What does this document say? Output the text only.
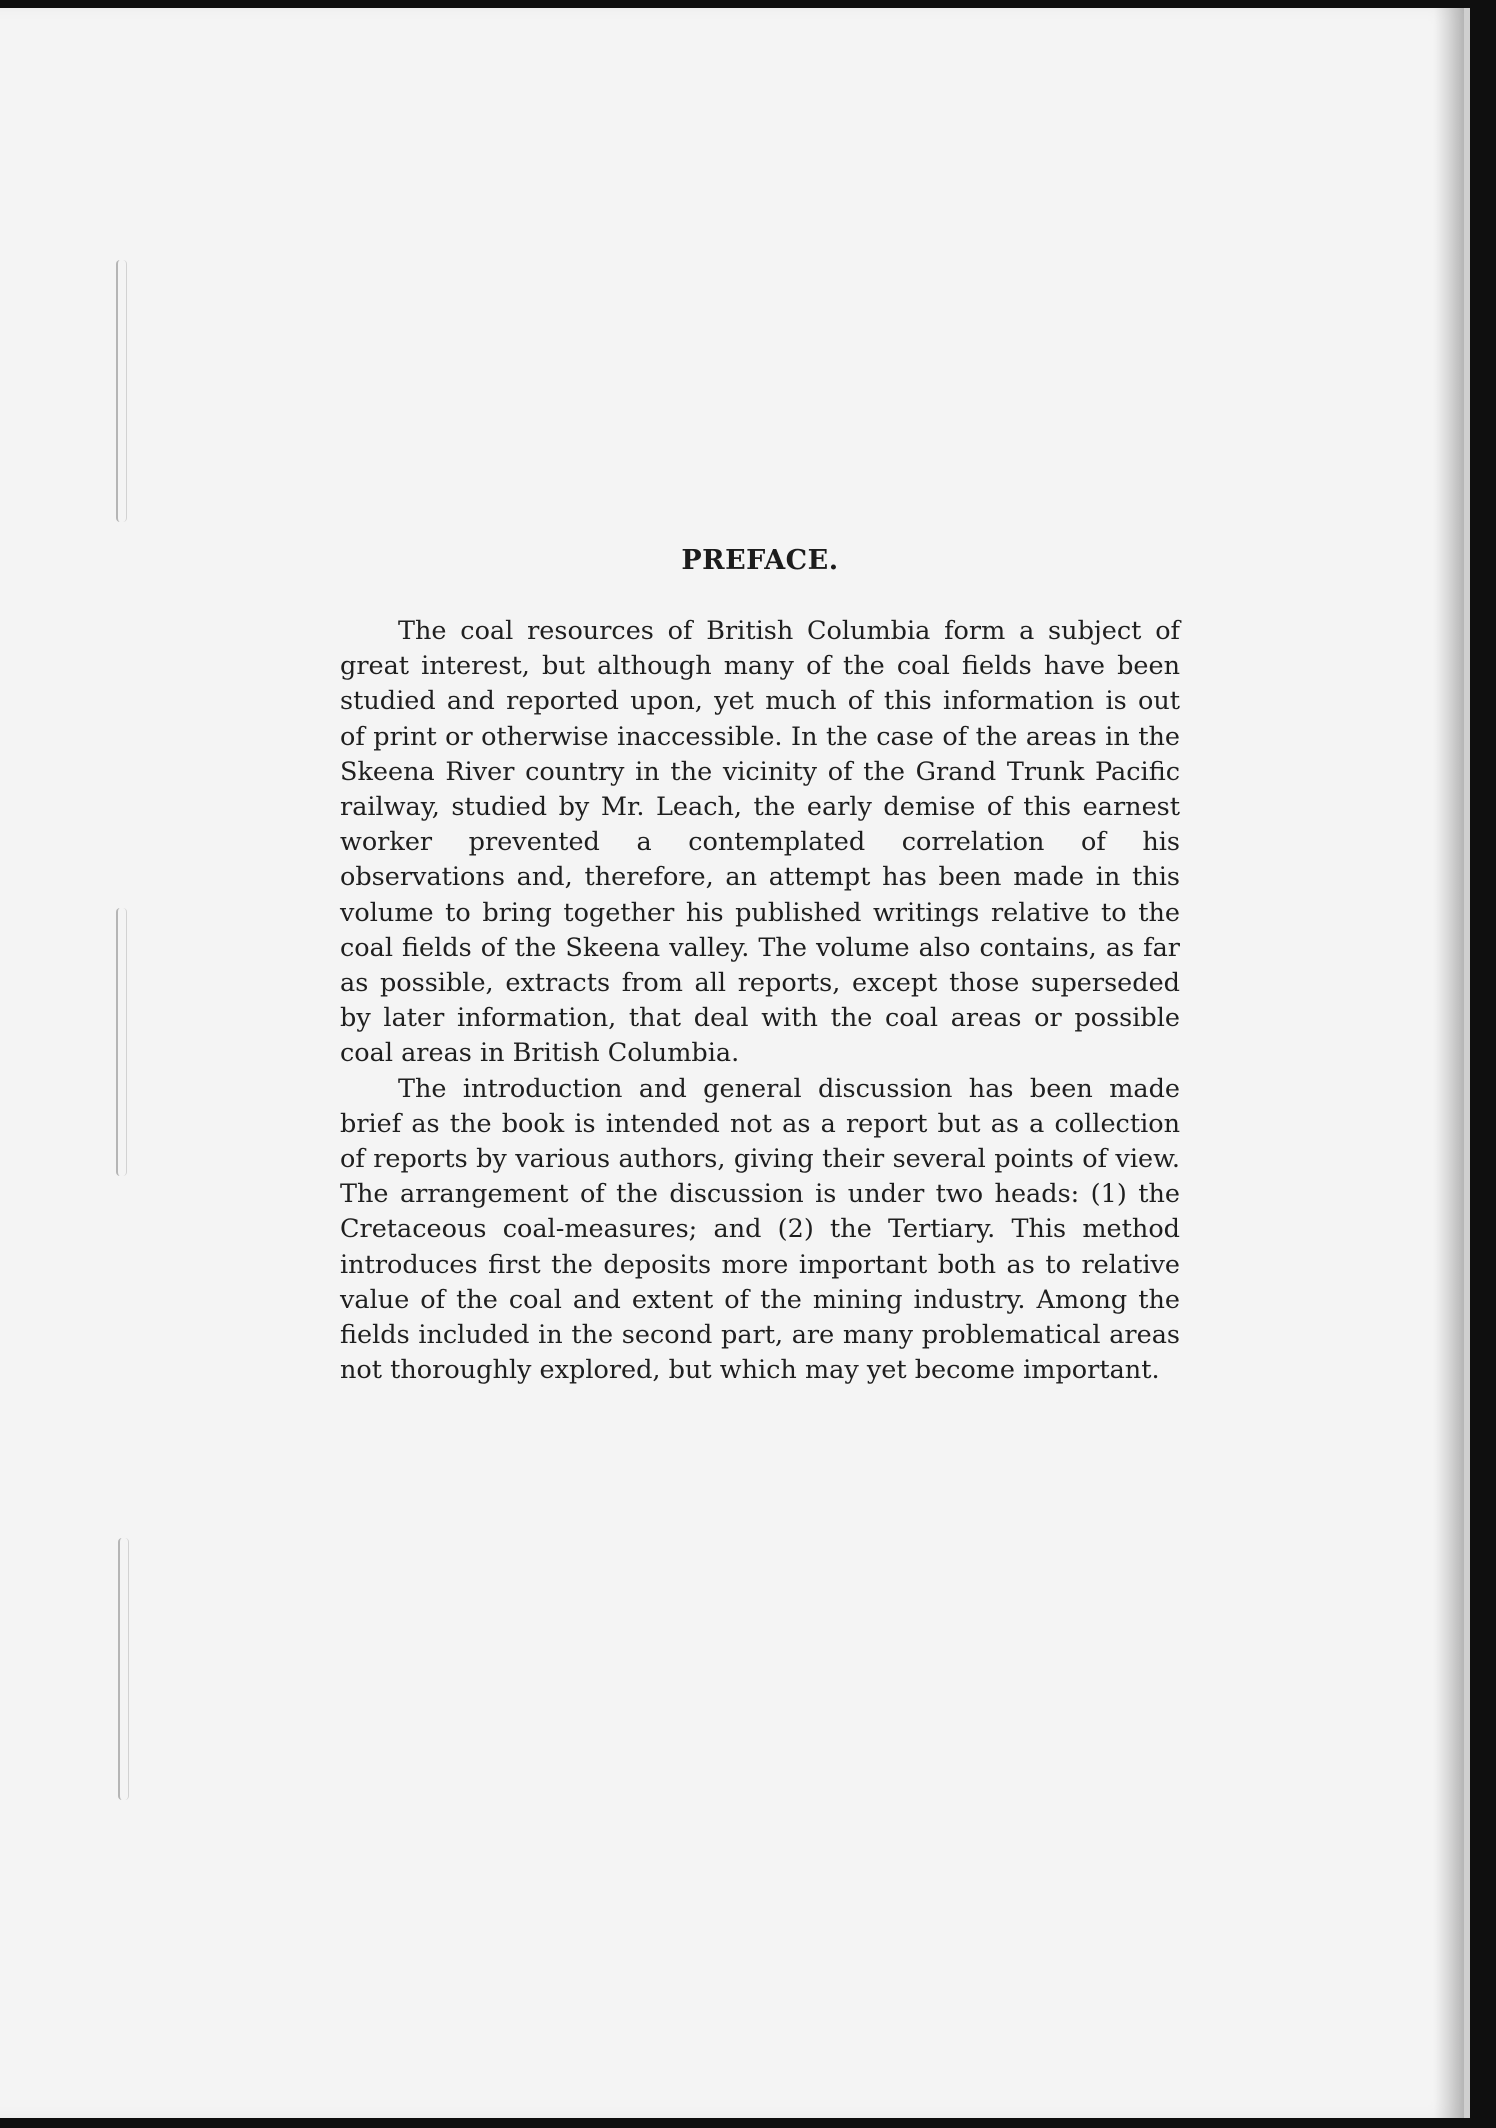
PREFACE.

The coal resources of British Columbia form a subject of great interest, but although many of the coal fields have been studied and reported upon, yet much of this information is out of print or otherwise inaccessible. In the case of the areas in the Skeena River country in the vicinity of the Grand Trunk Pacific railway, studied by Mr. Leach, the early demise of this earnest worker prevented a contemplated correlation of his observations and, therefore, an attempt has been made in this volume to bring together his published writings relative to the coal fields of the Skeena valley. The volume also contains, as far as possible, extracts from all reports, except those superseded by later information, that deal with the coal areas or possible coal areas in British Columbia.

The introduction and general discussion has been made brief as the book is intended not as a report but as a collection of reports by various authors, giving their several points of view. The arrangement of the discussion is under two heads: (1) the Cretaceous coal-measures; and (2) the Tertiary. This method introduces first the deposits more important both as to relative value of the coal and extent of the mining industry. Among the fields included in the second part, are many problematical areas not thoroughly explored, but which may yet become important.
